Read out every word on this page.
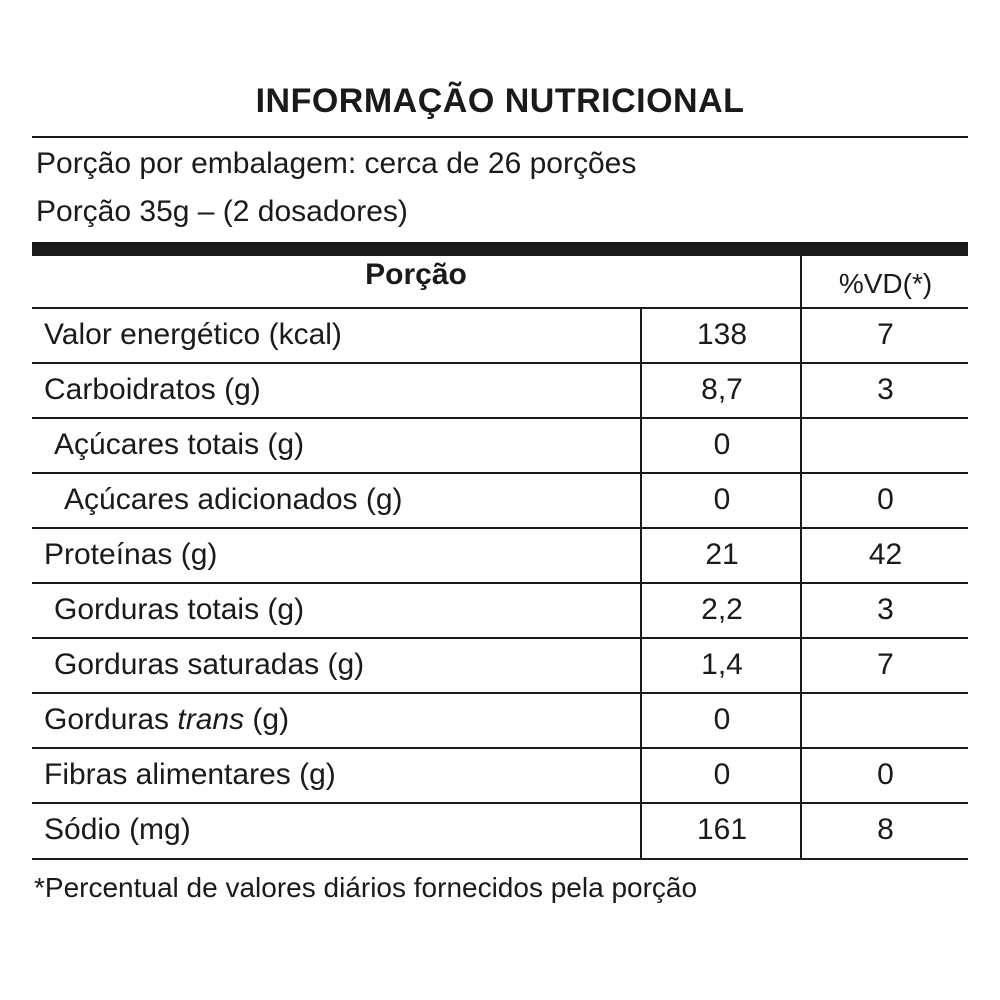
INFORMAÇÃO NUTRICIONAL
Porção por embalagem: cerca de 26 porções
Porção 35g – (2 dosadores)
Porção	%VD(*)
Valor energético (kcal)	138	7
Carboidratos (g)	8,7	3
Açúcares totais (g)	0
Açúcares adicionados (g)	0	0
Proteínas (g)	21	42
Gorduras totais (g)	2,2	3
Gorduras saturadas (g)	1,4	7
Gorduras trans (g)	0
Fibras alimentares (g)	0	0
Sódio (mg)	161	8
*Percentual de valores diários fornecidos pela porção
